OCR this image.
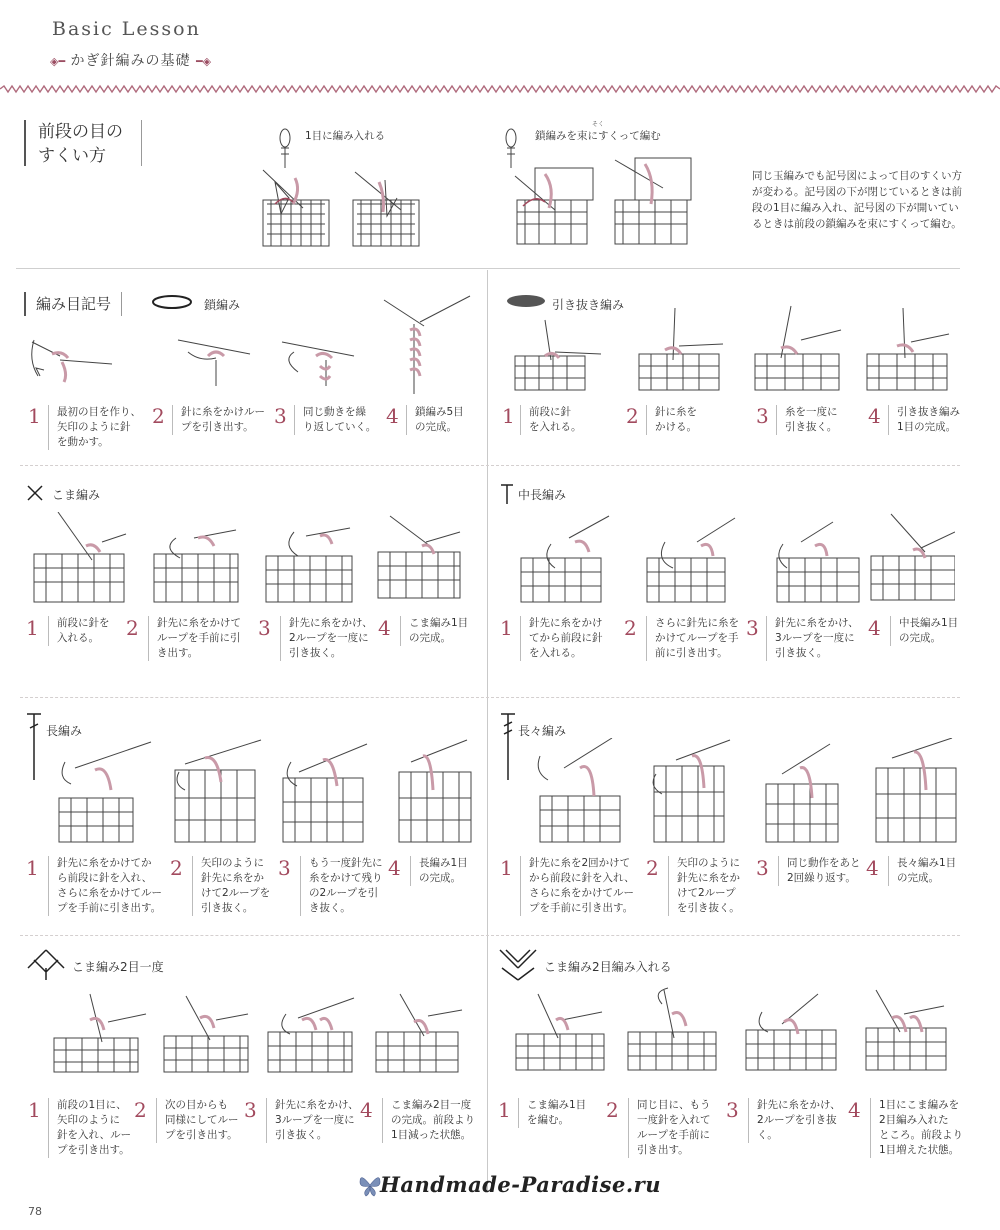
Basic Lesson
◈━ かぎ針編みの基礎 ━◈
前段の目の
すくい方
1目に編み入れる	鎖編みを束にすくって編む
そく
同じ玉編みでも記号図によって目のすくい方
が変わる。記号図の下が閉じているときは前
段の1目に編み入れ、記号図の下が開いてい
るときは前段の鎖編みを束にすくって編む。
編み目記号	鎖編み	引き抜き編み
1 最初の目を作り、
矢印のように針
を動かす。
2 針に糸をかけルー
プを引き出す。	3 同じ動きを繰
り返していく。 4 鎖編み5目
の完成。	1 前段に針
を入れる。	2 針に糸を
かける。	3 糸を一度に
引き抜く。	4 引き抜き編み
1目の完成。
こま編み	中長編み
1 前段に針を
入れる。	2 針先に糸をかけて
ループを手前に引
き出す。
3 針先に糸をかけ、
2ループを一度に
引き抜く。
4 こま編み1目
の完成。	1 針先に糸をかけ
てから前段に針
を入れる。
2 さらに針先に糸を
かけてループを手
前に引き出す。
3 針先に糸をかけ、
3ループを一度に
引き抜く。
4 中長編み1目
の完成。
長編み	長々編み
1 針先に糸をかけてか
ら前段に針を入れ、
さらに糸をかけてルー
プを手前に引き出す。
2 矢印のように
針先に糸をか
けて2ループを
引き抜く。
3 もう一度針先に
糸をかけて残り
の2ループを引
き抜く。
4 長編み1目
の完成。	1 針先に糸を2回かけて
から前段に針を入れ、
さらに糸をかけてルー
プを手前に引き出す。
2 矢印のように
針先に糸をか
けて2ループ
を引き抜く。
3 同じ動作をあと
2回繰り返す。 4 長々編み1目
の完成。
こま編み2目一度	こま編み2目編み入れる
1 前段の1目に、
矢印のように
針を入れ、ルー
プを引き出す。
2 次の目からも
同様にしてルー
プを引き出す。
3 針先に糸をかけ、
3ループを一度に
引き抜く。
4 こま編み2目一度
の完成。前段より
1目減った状態。
1 こま編み1目
を編む。	2 同じ目に、もう
一度針を入れて
ループを手前に
引き出す。
3 針先に糸をかけ、
2ループを引き抜く。
4 1目にこま編みを
2目編み入れた
ところ。前段より
1目増えた状態。
78
Handmade-Paradise.ru
